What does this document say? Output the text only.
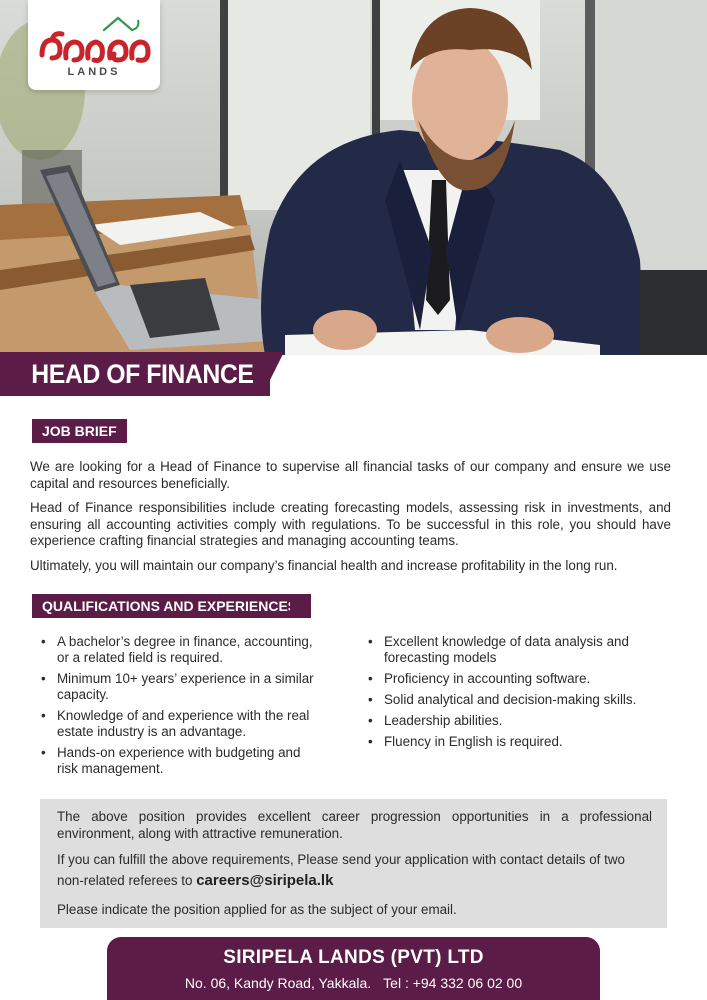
LANDS
HEAD OF FINANCE
JOB BRIEF

We are looking for a Head of Finance to supervise all financial tasks of our company and ensure we use capital and resources beneficially.

Head of Finance responsibilities include creating forecasting models, assessing risk in investments, and ensuring all accounting activities comply with regulations. To be successful in this role, you should have experience crafting financial strategies and managing accounting teams.

Ultimately, you will maintain our company’s financial health and increase profitability in the long run.

QUALIFICATIONS AND EXPERIENCES
• A bachelor’s degree in finance, accounting, or a related field is required.
• Minimum 10+ years’ experience in a similar capacity.
• Knowledge of and experience with the real estate industry is an advantage.
• Hands-on experience with budgeting and risk management.
• Excellent knowledge of data analysis and forecasting models
• Proficiency in accounting software.
• Solid analytical and decision-making skills.
• Leadership abilities.
• Fluency in English is required.

The above position provides excellent career progression opportunities in a professional environment, along with attractive remuneration.

If you can fulfill the above requirements, Please send your application with contact details of two
non-related referees to careers@siripela.lk

Please indicate the position applied for as the subject of your email.

SIRIPELA LANDS (PVT) LTD
No. 06, Kandy Road, Yakkala. Tel : +94 332 06 02 00
